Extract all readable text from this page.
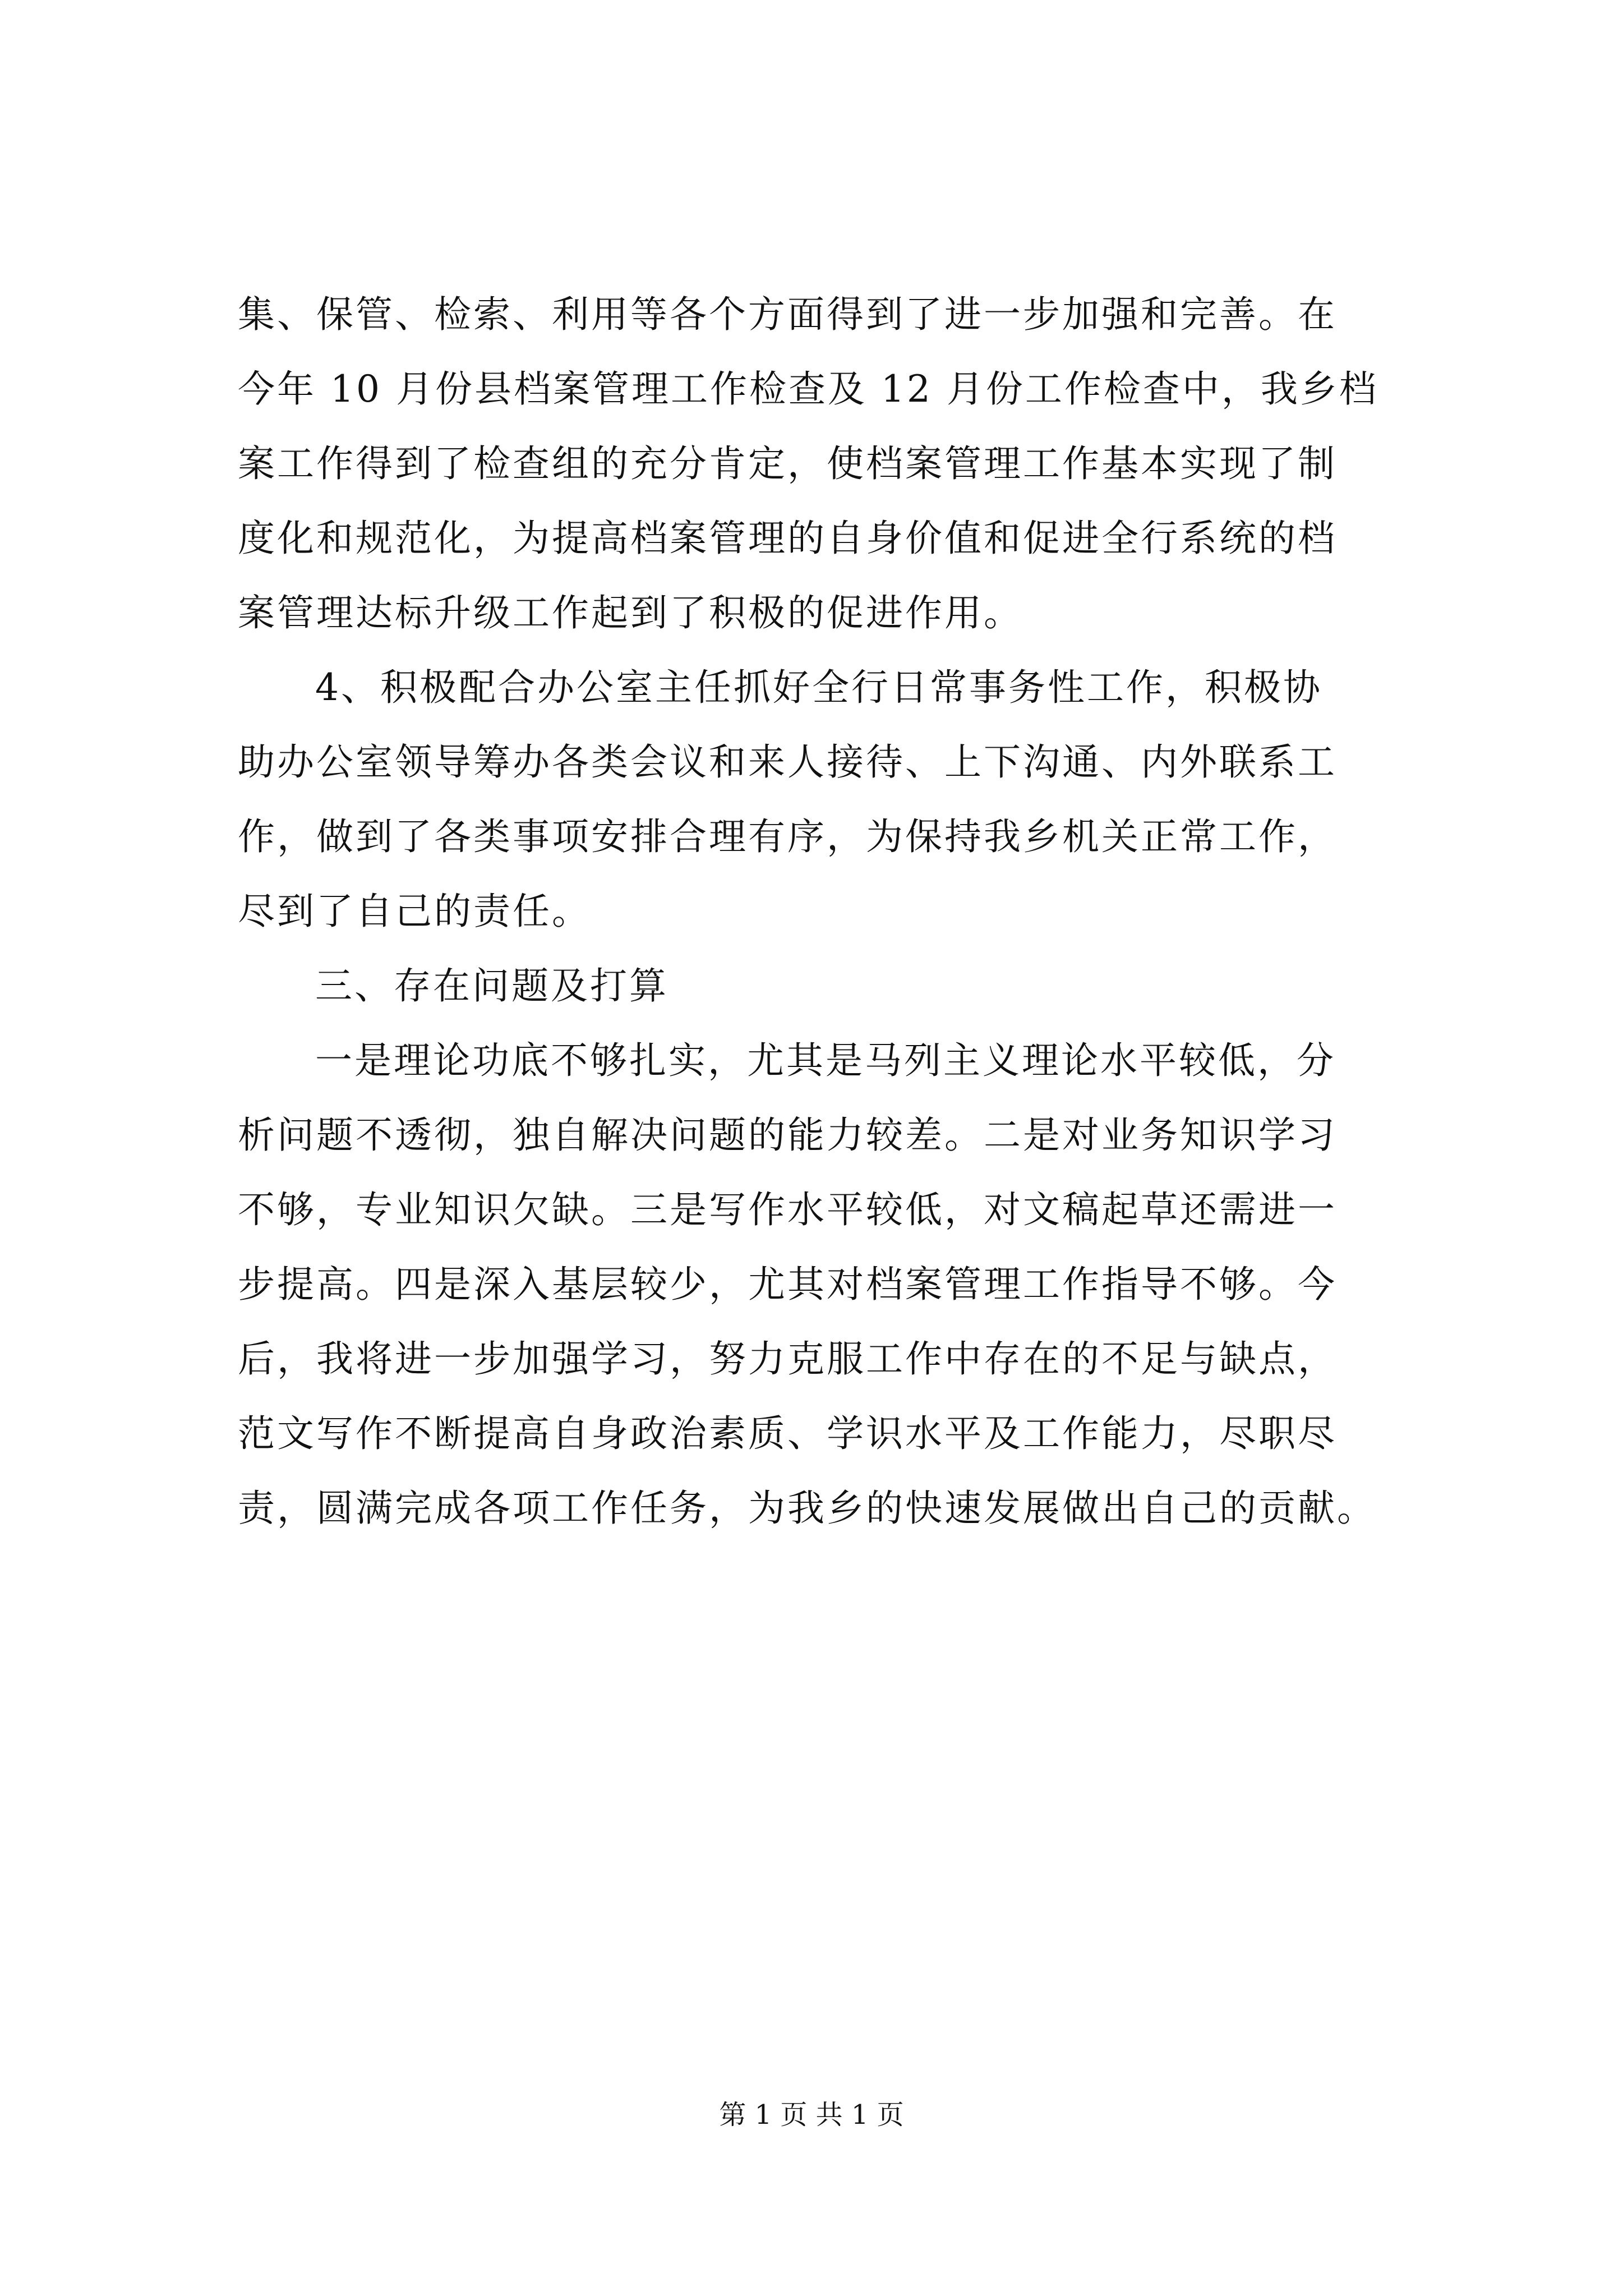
集、保管、检索、利用等各个方面得到了进一步加强和完善。在
今年 10 月份县档案管理工作检查及 12 月份工作检查中，我乡档
案工作得到了检查组的充分肯定，使档案管理工作基本实现了制
度化和规范化，为提高档案管理的自身价值和促进全行系统的档
案管理达标升级工作起到了积极的促进作用。
4、积极配合办公室主任抓好全行日常事务性工作，积极协
助办公室领导筹办各类会议和来人接待、上下沟通、内外联系工
作，做到了各类事项安排合理有序，为保持我乡机关正常工作，
尽到了自己的责任。
三、存在问题及打算
一是理论功底不够扎实，尤其是马列主义理论水平较低，分
析问题不透彻，独自解决问题的能力较差。二是对业务知识学习
不够，专业知识欠缺。三是写作水平较低，对文稿起草还需进一
步提高。四是深入基层较少，尤其对档案管理工作指导不够。今
后，我将进一步加强学习，努力克服工作中存在的不足与缺点，
范文写作不断提高自身政治素质、学识水平及工作能力，尽职尽
责，圆满完成各项工作任务，为我乡的快速发展做出自己的贡献。
第 1 页 共 1 页
